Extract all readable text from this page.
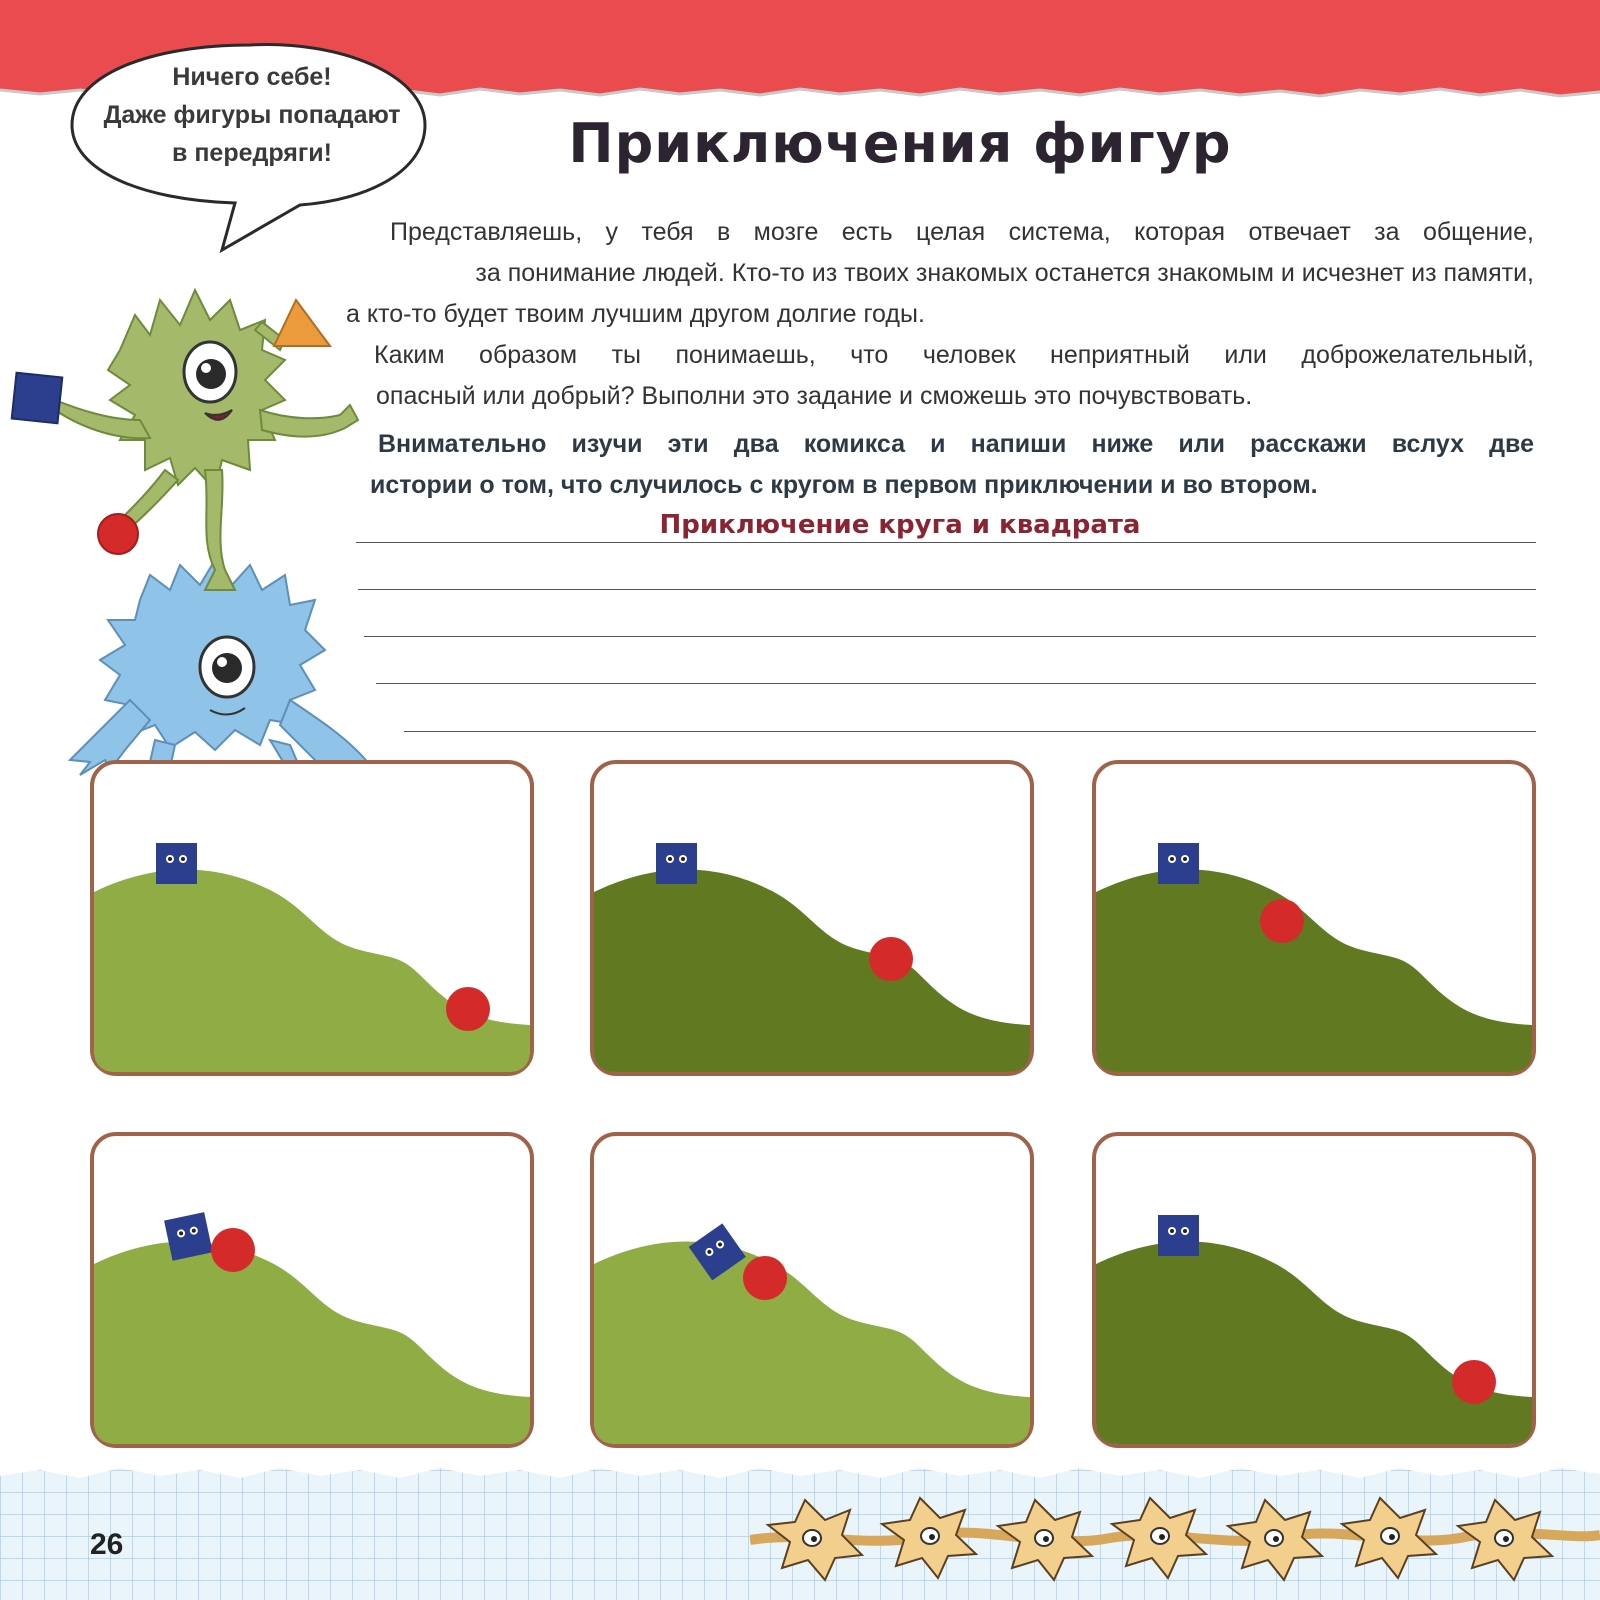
Ничего себе!
Даже фигуры попадают
в передряги!	Приключения фигур

Представляешь, у тебя в мозге есть целая система, которая отвечает за общение,

за понимание людей. Кто-то из твоих знакомых останется знакомым и исчезнет из памяти,

а кто-то будет твоим лучшим другом долгие годы.

Каким образом ты понимаешь, что человек неприятный или доброжелательный,

опасный или добрый? Выполни это задание и сможешь это почувствовать.

Внимательно изучи эти два комикса и напиши ниже или расскажи вслух две

истории о том, что случилось с кругом в первом приключении и во втором.

Приключение круга и квадрата
26
